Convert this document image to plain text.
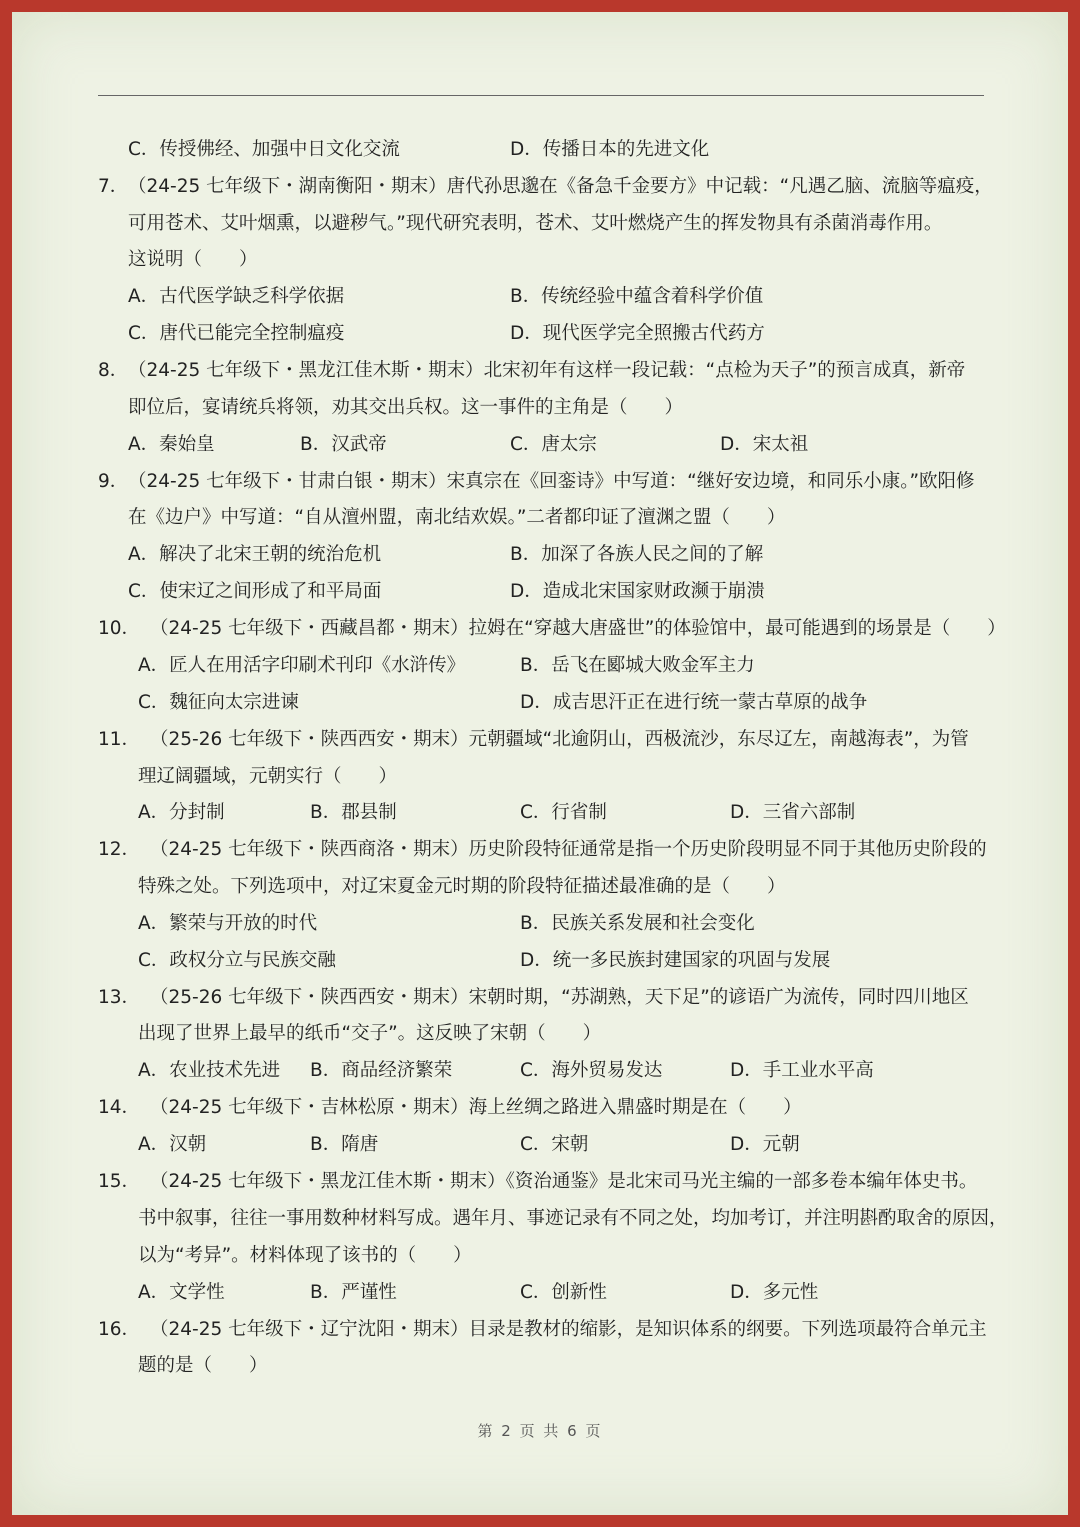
C．传授佛经、加强中日文化交流	D．传播日本的先进文化
7． （24-25 七年级下・湖南衡阳・期末）唐代孙思邈在《备急千金要方》中记载：“凡遇乙脑、流脑等瘟疫，
可用苍术、艾叶烟熏，以避秽气。”现代研究表明，苍术、艾叶燃烧产生的挥发物具有杀菌消毒作用。
这说明（　　）
A．古代医学缺乏科学依据	B．传统经验中蕴含着科学价值
C．唐代已能完全控制瘟疫	D．现代医学完全照搬古代药方
8． （24-25 七年级下・黑龙江佳木斯・期末）北宋初年有这样一段记载：“点检为天子”的预言成真，新帝
即位后，宴请统兵将领，劝其交出兵权。这一事件的主角是（　　）
A．秦始皇	B．汉武帝	C．唐太宗	D．宋太祖
9． （24-25 七年级下・甘肃白银・期末）宋真宗在《回銮诗》中写道：“继好安边境，和同乐小康。”欧阳修
在《边户》中写道：“自从澶州盟，南北结欢娱。”二者都印证了澶渊之盟（　　）
A．解决了北宋王朝的统治危机	B．加深了各族人民之间的了解
C．使宋辽之间形成了和平局面	D．造成北宋国家财政濒于崩溃
10． （24-25 七年级下・西藏昌都・期末）拉姆在“穿越大唐盛世”的体验馆中，最可能遇到的场景是（　　）
A．匠人在用活字印刷术刊印《水浒传》	B．岳飞在郾城大败金军主力
C．魏征向太宗进谏	D．成吉思汗正在进行统一蒙古草原的战争
11． （25-26 七年级下・陕西西安・期末）元朝疆域“北逾阴山，西极流沙，东尽辽左，南越海表”，为管
理辽阔疆域，元朝实行（　　）
A．分封制	B．郡县制	C．行省制	D．三省六部制
12． （24-25 七年级下・陕西商洛・期末）历史阶段特征通常是指一个历史阶段明显不同于其他历史阶段的
特殊之处。下列选项中，对辽宋夏金元时期的阶段特征描述最准确的是（　　）
A．繁荣与开放的时代	B．民族关系发展和社会变化
C．政权分立与民族交融	D．统一多民族封建国家的巩固与发展
13． （25-26 七年级下・陕西西安・期末）宋朝时期，“苏湖熟，天下足”的谚语广为流传，同时四川地区
出现了世界上最早的纸币“交子”。这反映了宋朝（　　）
A．农业技术先进 B．商品经济繁荣	C．海外贸易发达	D．手工业水平高
14． （24-25 七年级下・吉林松原・期末）海上丝绸之路进入鼎盛时期是在（　　）
A．汉朝	B．隋唐	C．宋朝	D．元朝
15． （24-25 七年级下・黑龙江佳木斯・期末）《资治通鉴》是北宋司马光主编的一部多卷本编年体史书。
书中叙事，往往一事用数种材料写成。遇年月、事迹记录有不同之处，均加考订，并注明斟酌取舍的原因，
以为“考异”。材料体现了该书的（　　）
A．文学性	B．严谨性	C．创新性	D．多元性
16． （24-25 七年级下・辽宁沈阳・期末）目录是教材的缩影，是知识体系的纲要。下列选项最符合单元主
题的是（　　）
第 2 页 共 6 页
